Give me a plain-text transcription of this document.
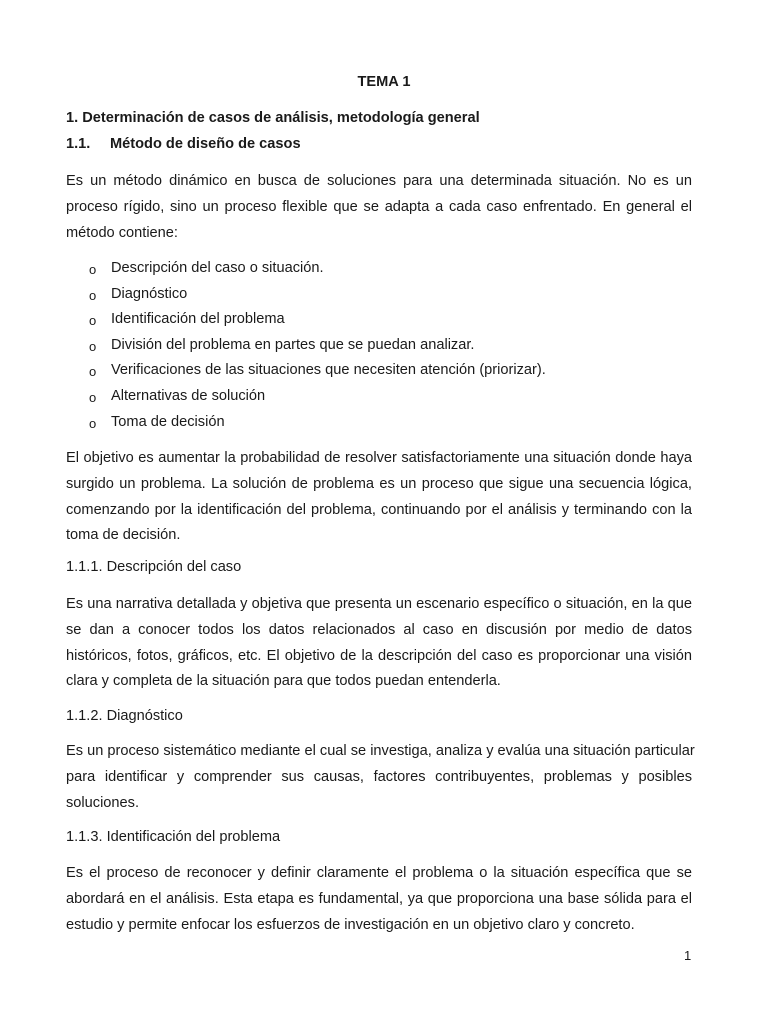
TEMA 1
1. Determinación de casos de análisis, metodología general
1.1. Método de diseño de casos
Es un método dinámico en busca de soluciones para una determinada situación. No es un
proceso rígido, sino un proceso flexible que se adapta a cada caso enfrentado. En general el
método contiene:
o Descripción del caso o situación.
o Diagnóstico
o Identificación del problema
o División del problema en partes que se puedan analizar.
o Verificaciones de las situaciones que necesiten atención (priorizar).
o Alternativas de solución
o Toma de decisión
El objetivo es aumentar la probabilidad de resolver satisfactoriamente una situación donde haya
surgido un problema. La solución de problema es un proceso que sigue una secuencia lógica,
comenzando por la identificación del problema, continuando por el análisis y terminando con la
toma de decisión.
1.1.1. Descripción del caso
Es una narrativa detallada y objetiva que presenta un escenario específico o situación, en la que
se dan a conocer todos los datos relacionados al caso en discusión por medio de datos
históricos, fotos, gráficos, etc. El objetivo de la descripción del caso es proporcionar una visión
clara y completa de la situación para que todos puedan entenderla.
1.1.2. Diagnóstico
Es un proceso sistemático mediante el cual se investiga, analiza y evalúa una situación particular
para identificar y comprender sus causas, factores contribuyentes, problemas y posibles
soluciones.
1.1.3. Identificación del problema
Es el proceso de reconocer y definir claramente el problema o la situación específica que se
abordará en el análisis. Esta etapa es fundamental, ya que proporciona una base sólida para el
estudio y permite enfocar los esfuerzos de investigación en un objetivo claro y concreto.
1
